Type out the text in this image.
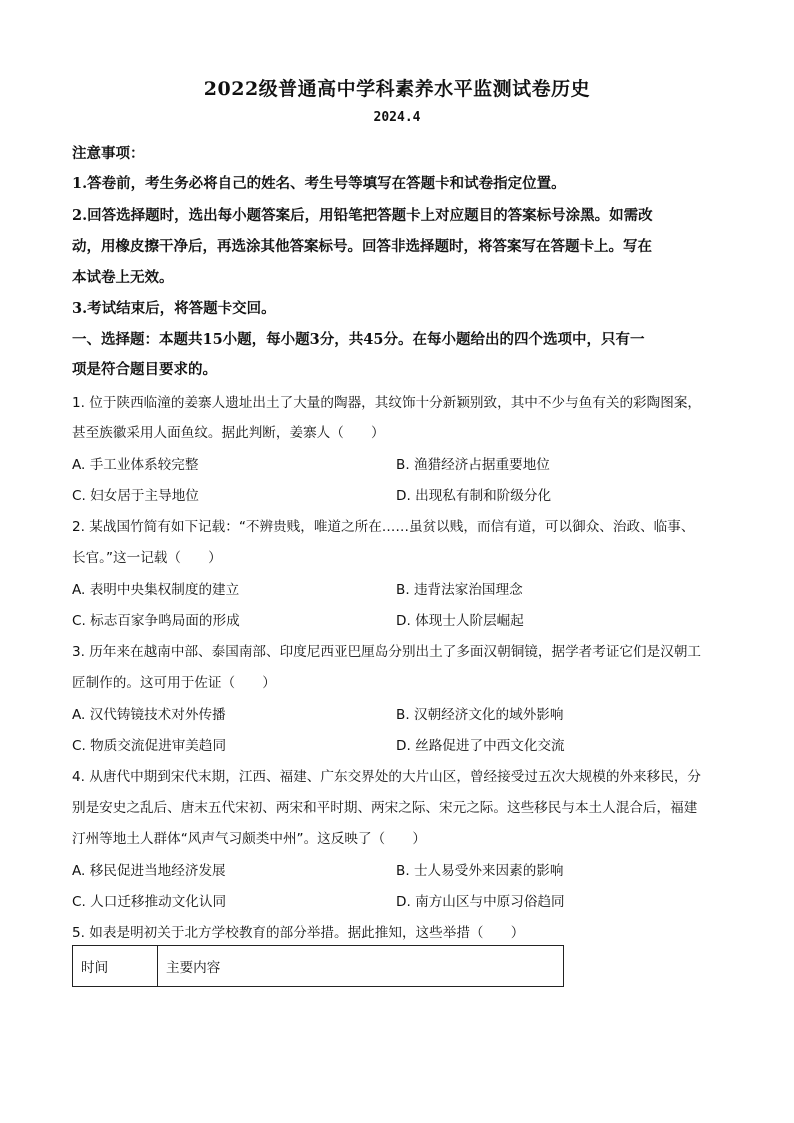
2022级普通高中学科素养水平监测试卷历史
2024.4
注意事项：
1.答卷前，考生务必将自己的姓名、考生号等填写在答题卡和试卷指定位置。
2.回答选择题时，选出每小题答案后，用铅笔把答题卡上对应题目的答案标号涂黑。如需改
动，用橡皮擦干净后，再选涂其他答案标号。回答非选择题时，将答案写在答题卡上。写在
本试卷上无效。
3.考试结束后，将答题卡交回。
一、选择题：本题共15小题，每小题3分，共45分。在每小题给出的四个选项中，只有一
项是符合题目要求的。
1. 位于陕西临潼的姜寨人遗址出土了大量的陶器，其纹饰十分新颖别致，其中不少与鱼有关的彩陶图案，
甚至族徽采用人面鱼纹。据此判断，姜寨人（　　）
A. 手工业体系较完整	B. 渔猎经济占据重要地位
C. 妇女居于主导地位	D. 出现私有制和阶级分化
2. 某战国竹简有如下记载：“不辨贵贱，唯道之所在……虽贫以贱，而信有道，可以御众、治政、临事、
长官。”这一记载（　　）
A. 表明中央集权制度的建立	B. 违背法家治国理念
C. 标志百家争鸣局面的形成	D. 体现士人阶层崛起
3. 历年来在越南中部、泰国南部、印度尼西亚巴厘岛分别出土了多面汉朝铜镜，据学者考证它们是汉朝工
匠制作的。这可用于佐证（　　）
A. 汉代铸镜技术对外传播	B. 汉朝经济文化的域外影响
C. 物质交流促进审美趋同	D. 丝路促进了中西文化交流
4. 从唐代中期到宋代末期，江西、福建、广东交界处的大片山区，曾经接受过五次大规模的外来移民，分
别是安史之乱后、唐末五代宋初、两宋和平时期、两宋之际、宋元之际。这些移民与本土人混合后，福建
汀州等地土人群体“风声气习颇类中州”。这反映了（　　）
A. 移民促进当地经济发展	B. 士人易受外来因素的影响
C. 人口迁移推动文化认同	D. 南方山区与中原习俗趋同
5. 如表是明初关于北方学校教育的部分举措。据此推知，这些举措（　　）
时间	主要内容
